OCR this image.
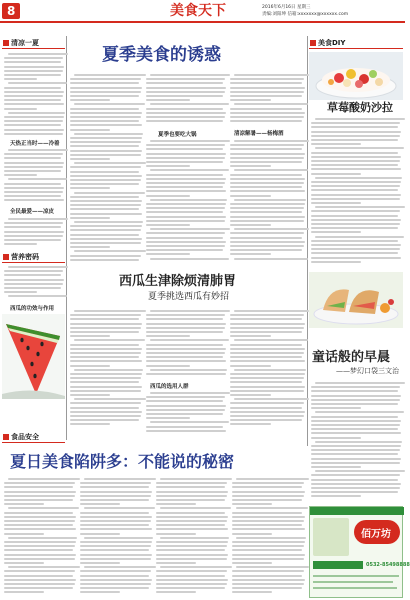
8	美食天下	2016年6月16日 星期三
责编:刘阳坤 信箱:xxxxxxx@xxxxxx.com
清凉一夏
天热正当时——冷着
全民最爱——凉皮
营养密码
西瓜的功效与作用
夏季美食的诱惑
夏季也要吃大锅	清凉解暑——杨梅酒
西瓜生津除烦清肺胃
夏季挑选西瓜有妙招
西瓜的选用人群
食品安全
夏日美食陷阱多：不能说的秘密
美食DIY
草莓酸奶沙拉
童话般的早晨
——梦幻口袋三文治
佰万坊
0532-85498888
